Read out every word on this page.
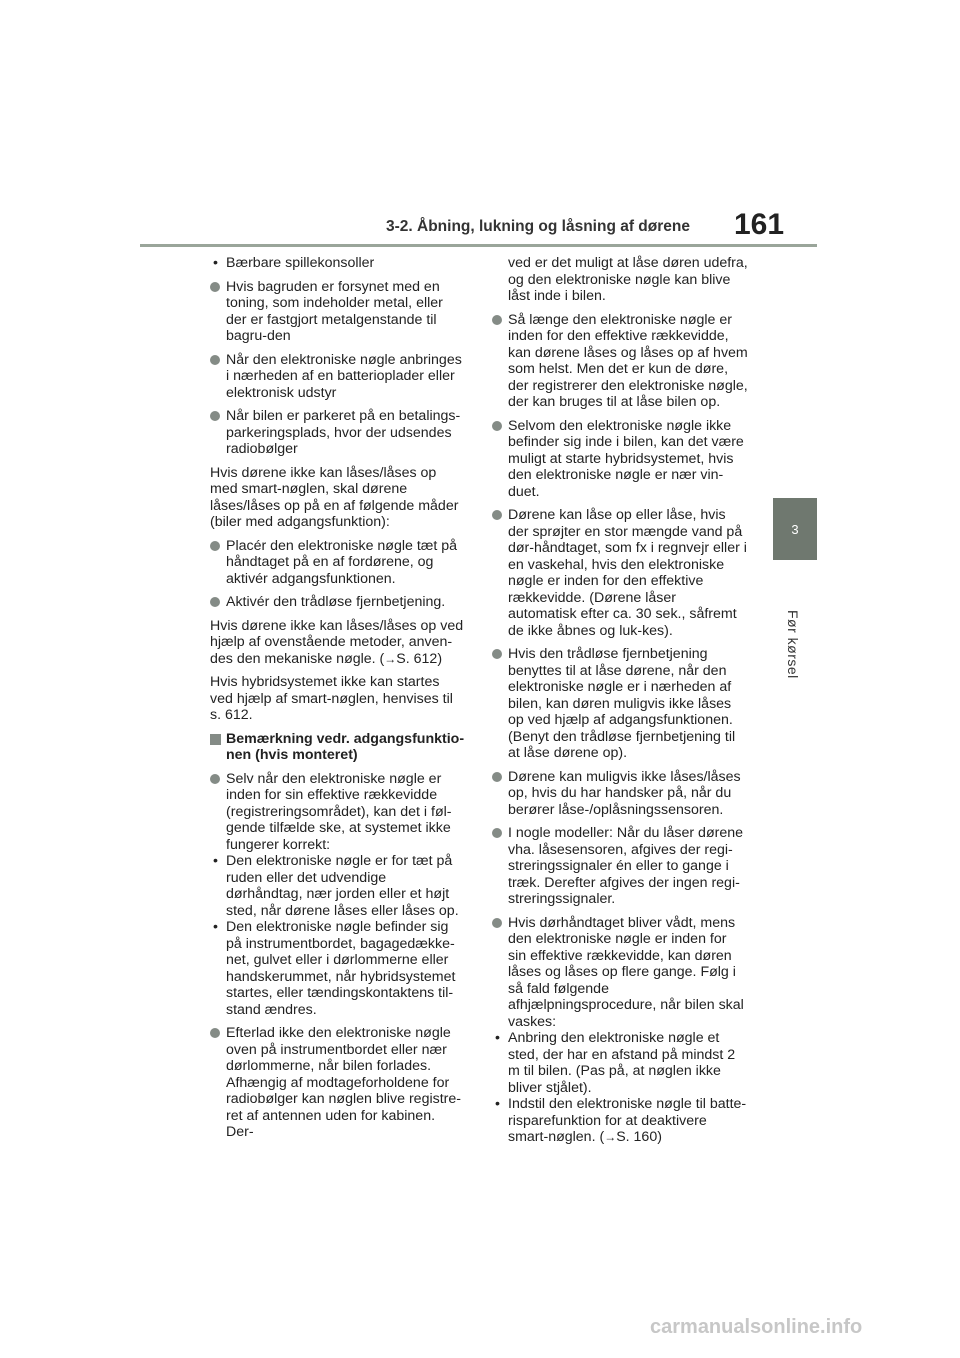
3-2. Åbning, lukning og låsning af dørene 161
3
Før kørsel
• Bærbare spillekonsoller
Hvis bagruden er forsynet med en toning, som indeholder metal, eller der er fastgjort metalgenstande til bagru-den
Når den elektroniske nøgle anbringes i nærheden af en batterioplader eller elektronisk udstyr
Når bilen er parkeret på en betalings-parkeringsplads, hvor der udsendes radiobølger

Hvis dørene ikke kan låses/låses op med smart-nøglen, skal dørene låses/låses op på en af følgende måder (biler med adgangsfunktion):

Placér den elektroniske nøgle tæt på håndtaget på en af fordørene, og aktivér adgangsfunktionen.
Aktivér den trådløse fjernbetjening.

Hvis dørene ikke kan låses/låses op ved hjælp af ovenstående metoder, anven-des den mekaniske nøgle. (→S. 612)

Hvis hybridsystemet ikke kan startes ved hjælp af smart-nøglen, henvises til s. 612.

Bemærkning vedr. adgangsfunktio-nen (hvis monteret)
Selv når den elektroniske nøgle er inden for sin effektive rækkevidde (registreringsområdet), kan det i føl-gende tilfælde ske, at systemet ikke fungerer korrekt:
• Den elektroniske nøgle er for tæt på ruden eller det udvendige dørhåndtag, nær jorden eller et højt sted, når dørene låses eller låses op.
• Den elektroniske nøgle befinder sig på instrumentbordet, bagagedække-net, gulvet eller i dørlommerne eller handskerummet, når hybridsystemet startes, eller tændingskontaktens til-stand ændres.
Efterlad ikke den elektroniske nøgle oven på instrumentbordet eller nær dørlommerne, når bilen forlades. Afhængig af modtageforholdene for radiobølger kan nøglen blive registre-ret af antennen uden for kabinen. Der-

ved er det muligt at låse døren udefra, og den elektroniske nøgle kan blive låst inde i bilen.

Så længe den elektroniske nøgle er inden for den effektive rækkevidde, kan dørene låses og låses op af hvem som helst. Men det er kun de døre, der registrerer den elektroniske nøgle, der kan bruges til at låse bilen op.
Selvom den elektroniske nøgle ikke befinder sig inde i bilen, kan det være muligt at starte hybridsystemet, hvis den elektroniske nøgle er nær vin-duet.
Dørene kan låse op eller låse, hvis der sprøjter en stor mængde vand på dør-håndtaget, som fx i regnvejr eller i en vaskehal, hvis den elektroniske nøgle er inden for den effektive rækkevidde. (Dørene låser automatisk efter ca. 30 sek., såfremt de ikke åbnes og luk-kes).
Hvis den trådløse fjernbetjening benyttes til at låse dørene, når den elektroniske nøgle er i nærheden af bilen, kan døren muligvis ikke låses op ved hjælp af adgangsfunktionen. (Benyt den trådløse fjernbetjening til at låse dørene op).
Dørene kan muligvis ikke låses/låses op, hvis du har handsker på, når du berører låse-/oplåsningssensoren.
I nogle modeller: Når du låser dørene vha. låsesensoren, afgives der regi-streringssignaler én eller to gange i træk. Derefter afgives der ingen regi-streringssignaler.
Hvis dørhåndtaget bliver vådt, mens den elektroniske nøgle er inden for sin effektive rækkevidde, kan døren låses og låses op flere gange. Følg i så fald følgende afhjælpningsprocedure, når bilen skal vaskes:
• Anbring den elektroniske nøgle et sted, der har en afstand på mindst 2 m til bilen. (Pas på, at nøglen ikke bliver stjålet).
• Indstil den elektroniske nøgle til batte-risparefunktion for at deaktivere smart-nøglen. (→S. 160)
carmanualsonline.info
